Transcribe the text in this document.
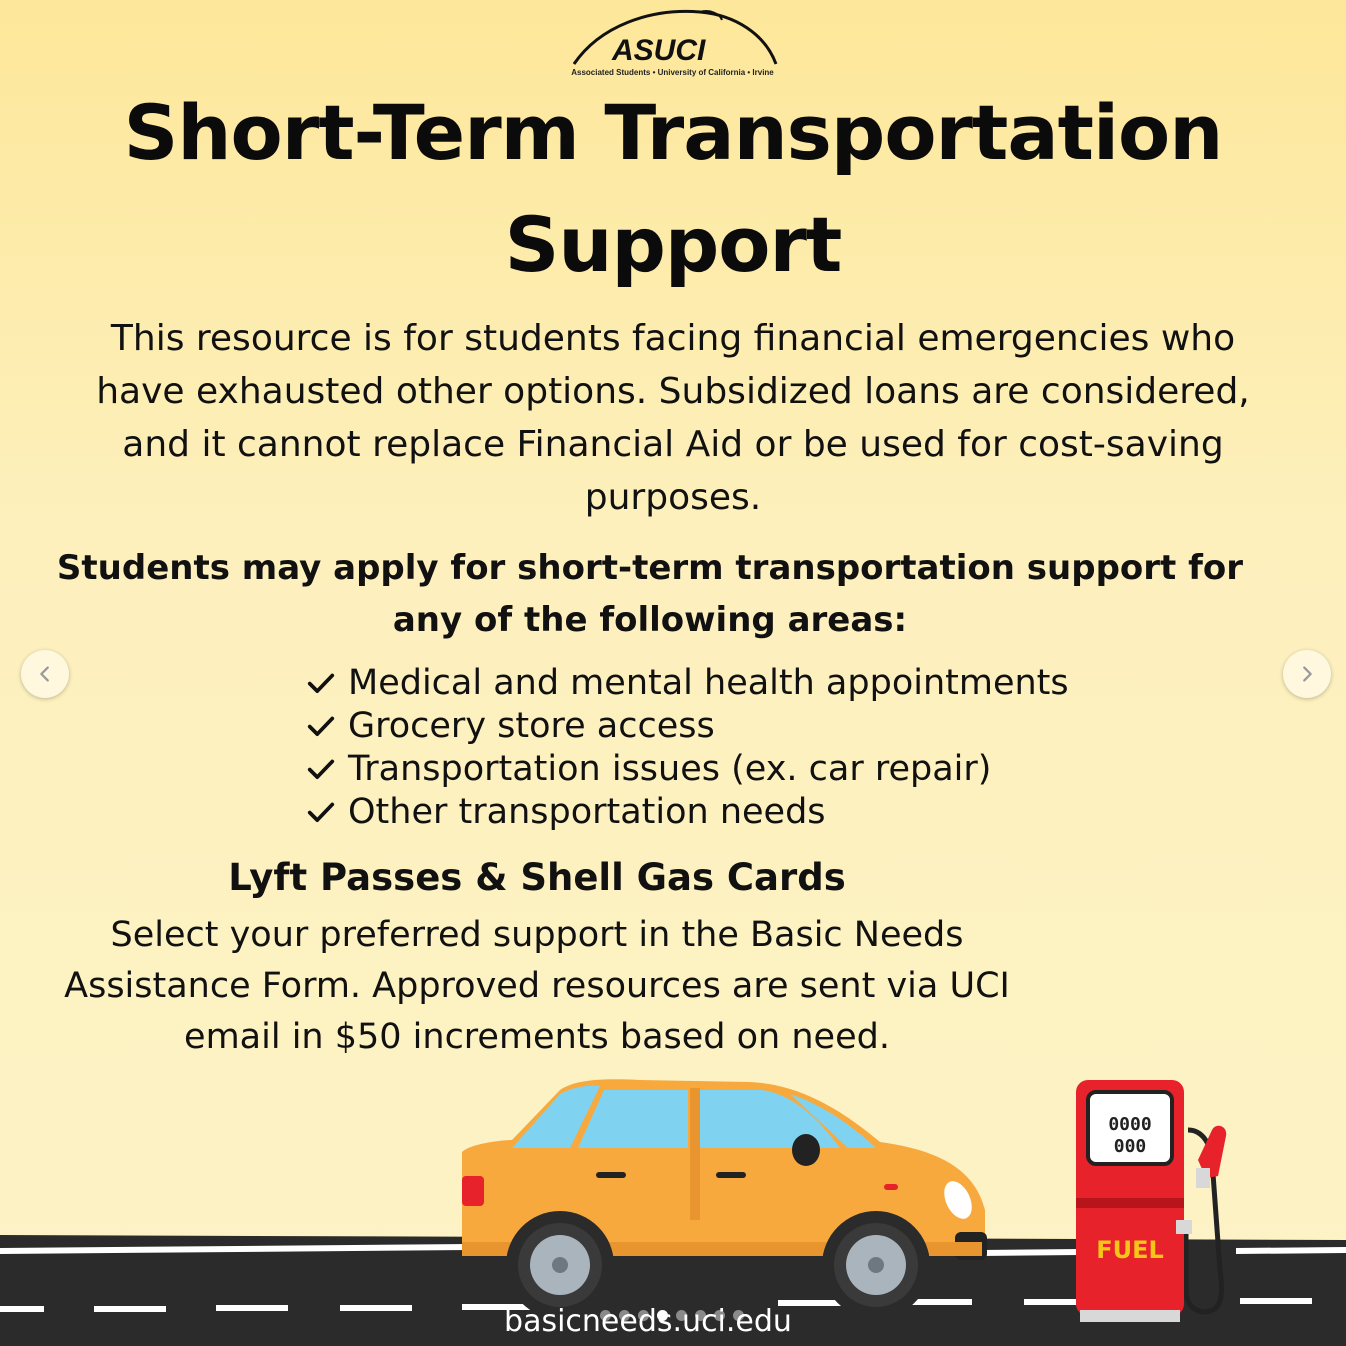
ASUCI
Associated Students • University of California • Irvine
Short-Term Transportation
Support
This resource is for students facing financial emergencies who
have exhausted other options. Subsidized loans are considered,
and it cannot replace Financial Aid or be used for cost-saving
purposes.
Students may apply for short-term transportation support for
any of the following areas:
Medical and mental health appointments
Grocery store access
Transportation issues (ex. car repair)
Other transportation needs
Lyft Passes & Shell Gas Cards
Select your preferred support in the Basic Needs
Assistance Form. Approved resources are sent via UCI
email in $50 increments based on need.
0000
000
FUEL
basicneeds.uci.edu
